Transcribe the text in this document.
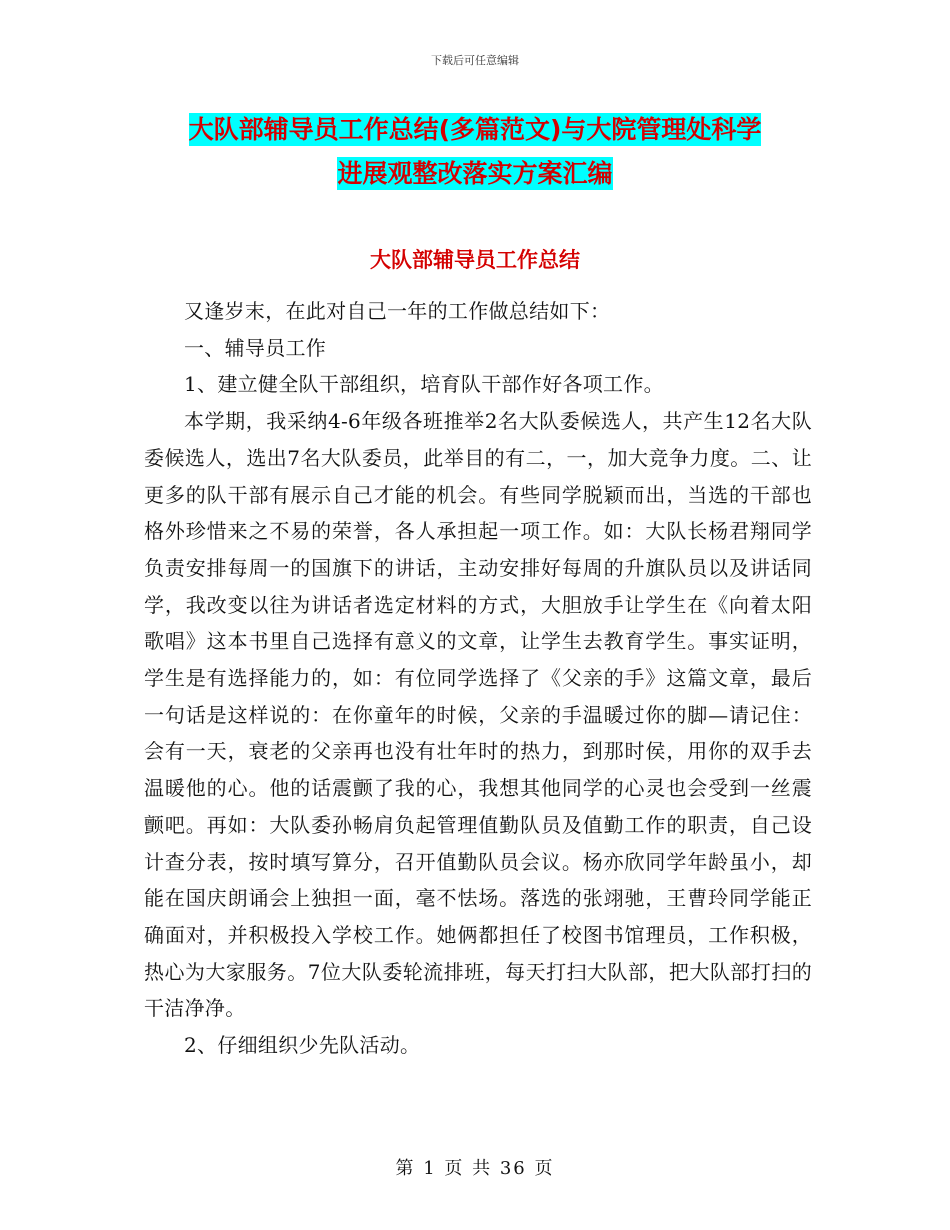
下载后可任意编辑
大队部辅导员工作总结(多篇范文)与大院管理处科学
进展观整改落实方案汇编
大队部辅导员工作总结

又逢岁末，在此对自己一年的工作做总结如下：

一、辅导员工作

1、建立健全队干部组织，培育队干部作好各项工作。

本学期，我采纳4-6年级各班推举2名大队委候选人，共产生12名大队委候选人，选出7名大队委员，此举目的有二，一，加大竞争力度。二、让更多的队干部有展示自己才能的机会。有些同学脱颖而出，当选的干部也格外珍惜来之不易的荣誉，各人承担起一项工作。如：大队长杨君翔同学负责安排每周一的国旗下的讲话，主动安排好每周的升旗队员以及讲话同学，我改变以往为讲话者选定材料的方式，大胆放手让学生在《向着太阳歌唱》这本书里自己选择有意义的文章，让学生去教育学生。事实证明，学生是有选择能力的，如：有位同学选择了《父亲的手》这篇文章，最后一句话是这样说的：在你童年的时候，父亲的手温暖过你的脚—请记住：会有一天，衰老的父亲再也没有壮年时的热力，到那时侯，用你的双手去温暖他的心。他的话震颤了我的心，我想其他同学的心灵也会受到一丝震颤吧。再如：大队委孙畅肩负起管理值勤队员及值勤工作的职责，自己设计查分表，按时填写算分，召开值勤队员会议。杨亦欣同学年龄虽小，却能在国庆朗诵会上独担一面，毫不怯场。落选的张翊驰，王曹玲同学能正确面对，并积极投入学校工作。她俩都担任了校图书馆理员，工作积极，热心为大家服务。7位大队委轮流排班，每天打扫大队部，把大队部打扫的干洁净净。

2、仔细组织少先队活动。

第 1 页 共 36 页
